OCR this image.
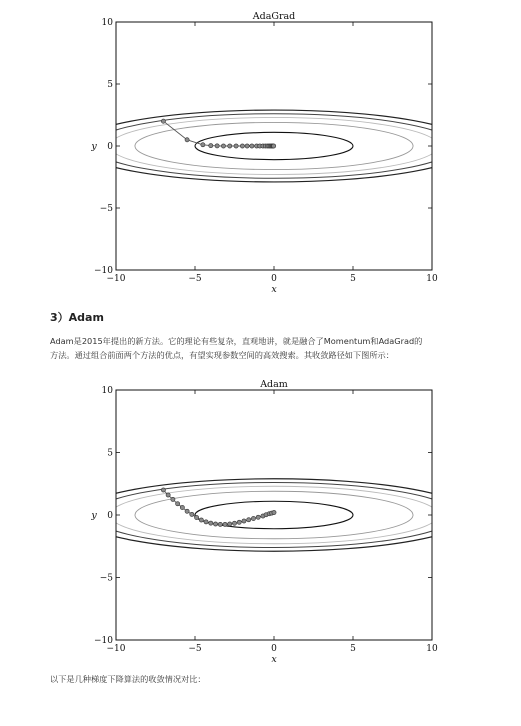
−10	−5	0	5	10
10
5
0
−5
−10
AdaGrad
x
y
3）Adam

Adam是2015年提出的新方法。它的理论有些复杂，直观地讲，就是融合了Momentum和AdaGrad的

方法。通过组合前面两个方法的优点，有望实现参数空间的高效搜索。其收敛路径如下图所示：

−10	−5	0	5	10
10
5
0
−5
−10
Adam
x
y
以下是几种梯度下降算法的收敛情况对比：
